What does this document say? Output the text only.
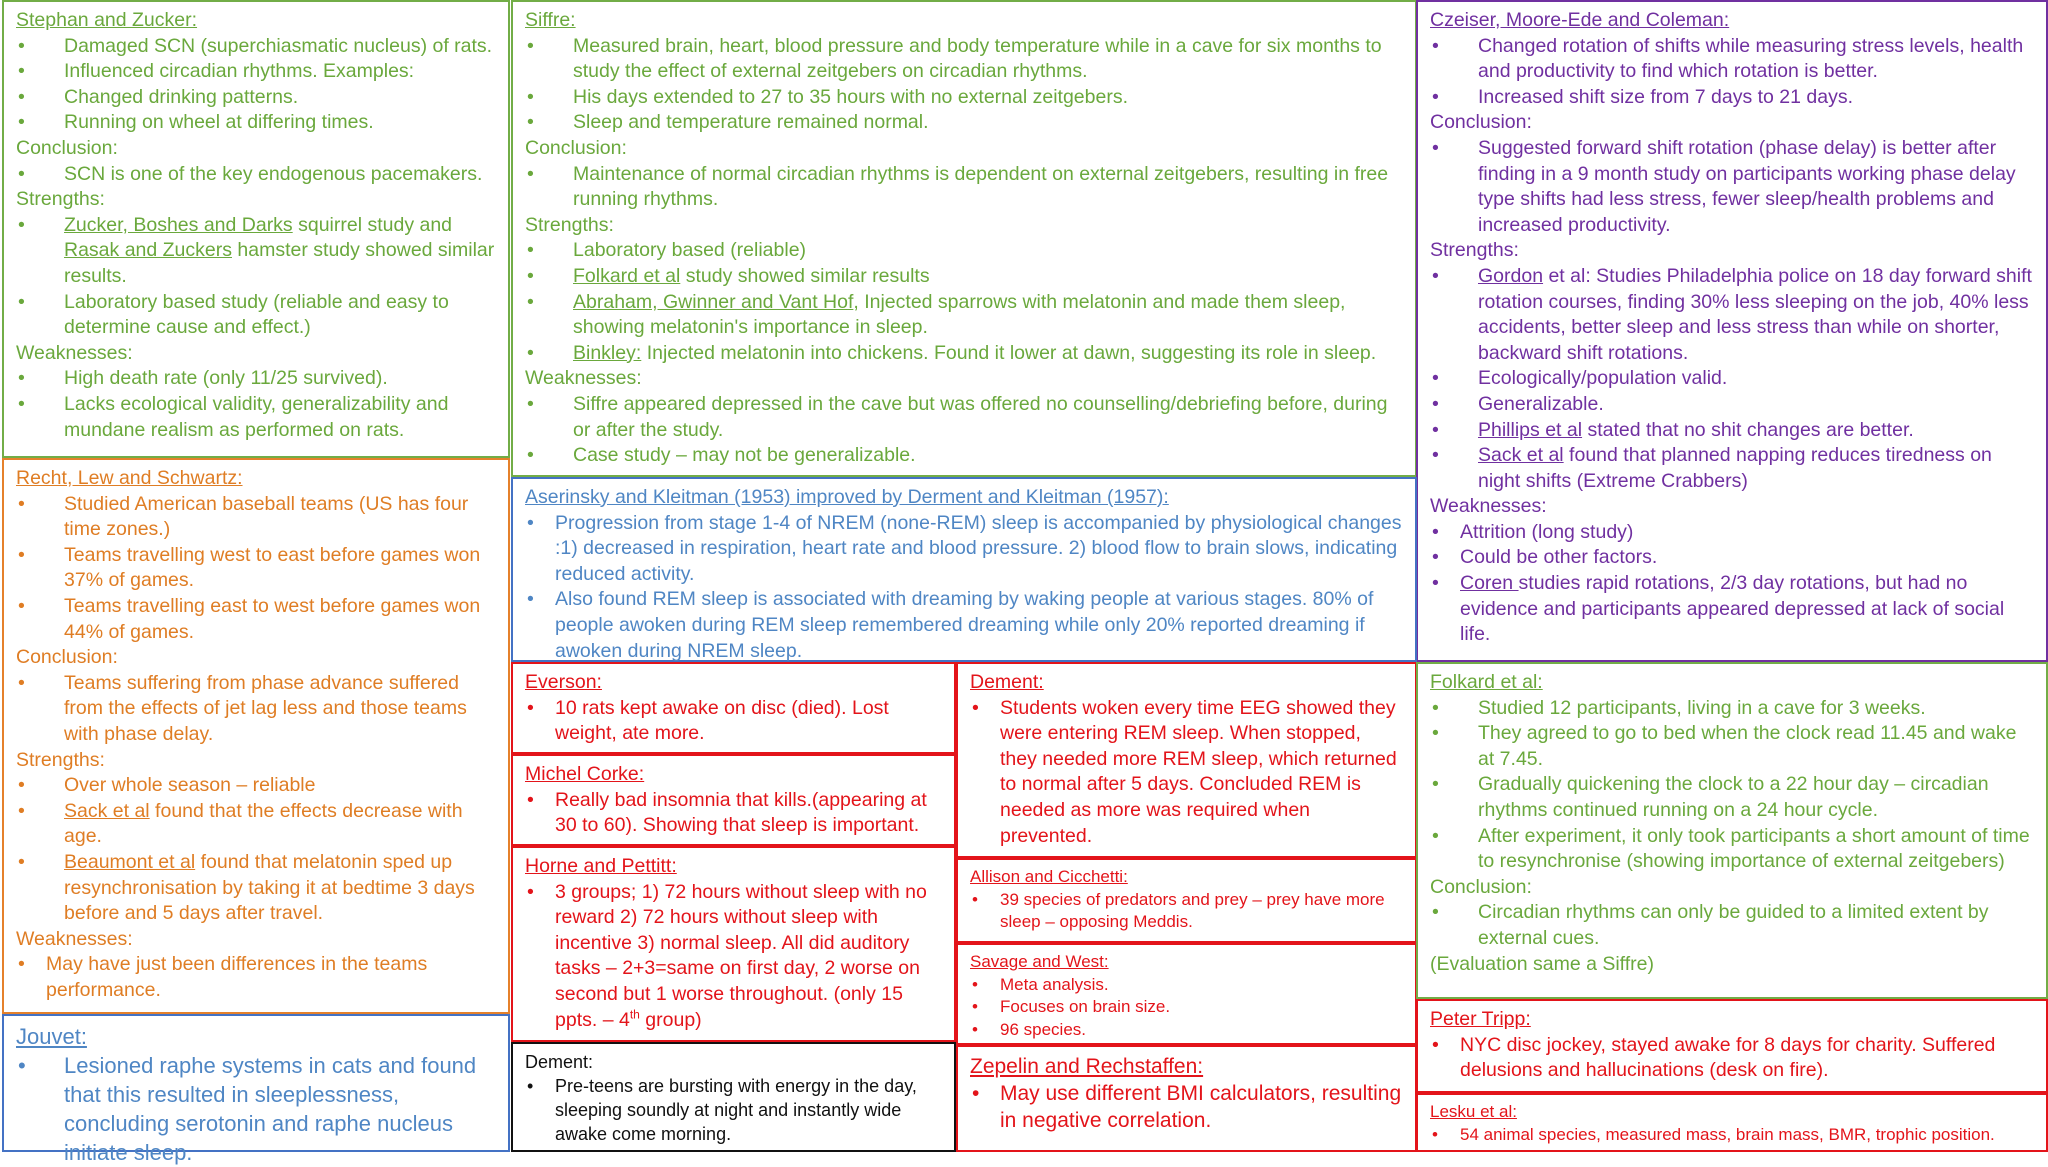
Stephan and Zucker:
• Damaged SCN (superchiasmatic nucleus) of rats.
• Influenced circadian rhythms. Examples:
• Changed drinking patterns.
• Running on wheel at differing times.

Conclusion:

• SCN is one of the key endogenous pacemakers.

Strengths:

• Zucker, Boshes and Darks squirrel study and Rasak and Zuckers hamster study showed similar results.
• Laboratory based study (reliable and easy to determine cause and effect.)

Weaknesses:

• High death rate (only 11/25 survived).
• Lacks ecological validity, generalizability and mundane realism as performed on rats.
Siffre:
• Measured brain, heart, blood pressure and body temperature while in a cave for six months to study the effect of external zeitgebers on circadian rhythms.
• His days extended to 27 to 35 hours with no external zeitgebers.
• Sleep and temperature remained normal.

Conclusion:

• Maintenance of normal circadian rhythms is dependent on external zeitgebers, resulting in free running rhythms.

Strengths:

• Laboratory based (reliable)
• Folkard et al study showed similar results
• Abraham, Gwinner and Vant Hof, Injected sparrows with melatonin and made them sleep, showing melatonin's importance in sleep.
• Binkley: Injected melatonin into chickens. Found it lower at dawn, suggesting its role in sleep.

Weaknesses:

• Siffre appeared depressed in the cave but was offered no counselling/debriefing before, during or after the study.
• Case study – may not be generalizable.
Czeiser, Moore-Ede and Coleman:
• Changed rotation of shifts while measuring stress levels, health and productivity to find which rotation is better.
• Increased shift size from 7 days to 21 days.

Conclusion:

• Suggested forward shift rotation (phase delay) is better after finding in a 9 month study on participants working phase delay type shifts had less stress, fewer sleep/health problems and increased productivity.

Strengths:

• Gordon et al: Studies Philadelphia police on 18 day forward shift rotation courses, finding 30% less sleeping on the job, 40% less accidents, better sleep and less stress than while on shorter, backward shift rotations.
• Ecologically/population valid.
• Generalizable.
• Phillips et al stated that no shit changes are better.
• Sack et al found that planned napping reduces tiredness on night shifts (Extreme Crabbers)

Weaknesses:

• Attrition (long study)
• Could be other factors.
• Coren studies rapid rotations, 2/3 day rotations, but had no evidence and participants appeared depressed at lack of social life.
Recht, Lew and Schwartz:
• Studied American baseball teams (US has four time zones.)
• Teams travelling west to east before games won 37% of games.
• Teams travelling east to west before games won 44% of games.

Conclusion:

• Teams suffering from phase advance suffered from the effects of jet lag less and those teams with phase delay.

Strengths:

• Over whole season – reliable
• Sack et al found that the effects decrease with age.
• Beaumont et al found that melatonin sped up resynchronisation by taking it at bedtime 3 days before and 5 days after travel.

Weaknesses:

• May have just been differences in the teams performance.
Jouvet:
• Lesioned raphe systems in cats and found that this resulted in sleeplessness, concluding serotonin and raphe nucleus initiate sleep.
Aserinsky and Kleitman (1953) improved by Derment and Kleitman (1957):
• Progression from stage 1-4 of NREM (none-REM) sleep is accompanied by physiological changes :1) decreased in respiration, heart rate and blood pressure. 2) blood flow to brain slows, indicating reduced activity.
• Also found REM sleep is associated with dreaming by waking people at various stages. 80% of people awoken during REM sleep remembered dreaming while only 20% reported dreaming if awoken during NREM sleep.
Everson:
• 10 rats kept awake on disc (died). Lost weight, ate more.
Michel Corke:
• Really bad insomnia that kills.(appearing at 30 to 60). Showing that sleep is important.
Horne and Pettitt:
• 3 groups; 1) 72 hours without sleep with no reward 2) 72 hours without sleep with incentive 3) normal sleep. All did auditory tasks – 2+3=same on first day, 2 worse on second but 1 worse throughout. (only 15 ppts. – 4th group)
Dement:
• Pre-teens are bursting with energy in the day, sleeping soundly at night and instantly wide awake come morning.
Dement:
• Students woken every time EEG showed they were entering REM sleep. When stopped, they needed more REM sleep, which returned to normal after 5 days. Concluded REM is needed as more was required when prevented.
Allison and Cicchetti:
• 39 species of predators and prey – prey have more sleep – opposing Meddis.
Savage and West:
• Meta analysis.
• Focuses on brain size.
• 96 species.
Zepelin and Rechstaffen:
• May use different BMI calculators, resulting in negative correlation.
Folkard et al:
• Studied 12 participants, living in a cave for 3 weeks.
• They agreed to go to bed when the clock read 11.45 and wake at 7.45.
• Gradually quickening the clock to a 22 hour day – circadian rhythms continued running on a 24 hour cycle.
• After experiment, it only took participants a short amount of time to resynchronise (showing importance of external zeitgebers)

Conclusion:

• Circadian rhythms can only be guided to a limited extent by external cues.

(Evaluation same a Siffre)

Peter Tripp:
• NYC disc jockey, stayed awake for 8 days for charity. Suffered delusions and hallucinations (desk on fire).
Lesku et al:
• 54 animal species, measured mass, brain mass, BMR, trophic position.
